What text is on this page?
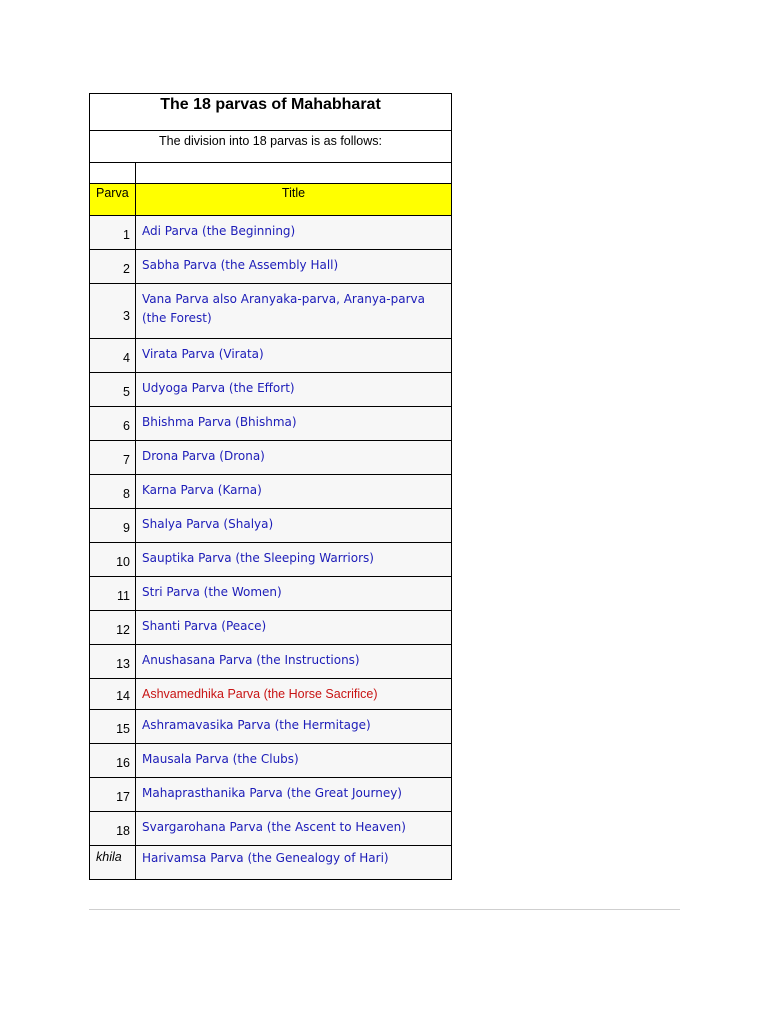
The 18 parvas of Mahabharat	
The division into 18 parvas is as follows:	

Parva	Title
1	Adi Parva (the Beginning)
2	Sabha Parva (the Assembly Hall)
3	Vana Parva also Aranyaka-parva, Aranya-parva (the Forest)
4	Virata Parva (Virata)
5	Udyoga Parva (the Effort)
6	Bhishma Parva (Bhishma)
7	Drona Parva (Drona)
8	Karna Parva (Karna)
9	Shalya Parva (Shalya)
10	Sauptika Parva (the Sleeping Warriors)
11	Stri Parva (the Women)
12	Shanti Parva (Peace)
13	Anushasana Parva (the Instructions)
14	Ashvamedhika Parva (the Horse Sacrifice)
15	Ashramavasika Parva (the Hermitage)
16	Mausala Parva (the Clubs)
17	Mahaprasthanika Parva (the Great Journey)
18	Svargarohana Parva (the Ascent to Heaven)
khila	Harivamsa Parva (the Genealogy of Hari)
